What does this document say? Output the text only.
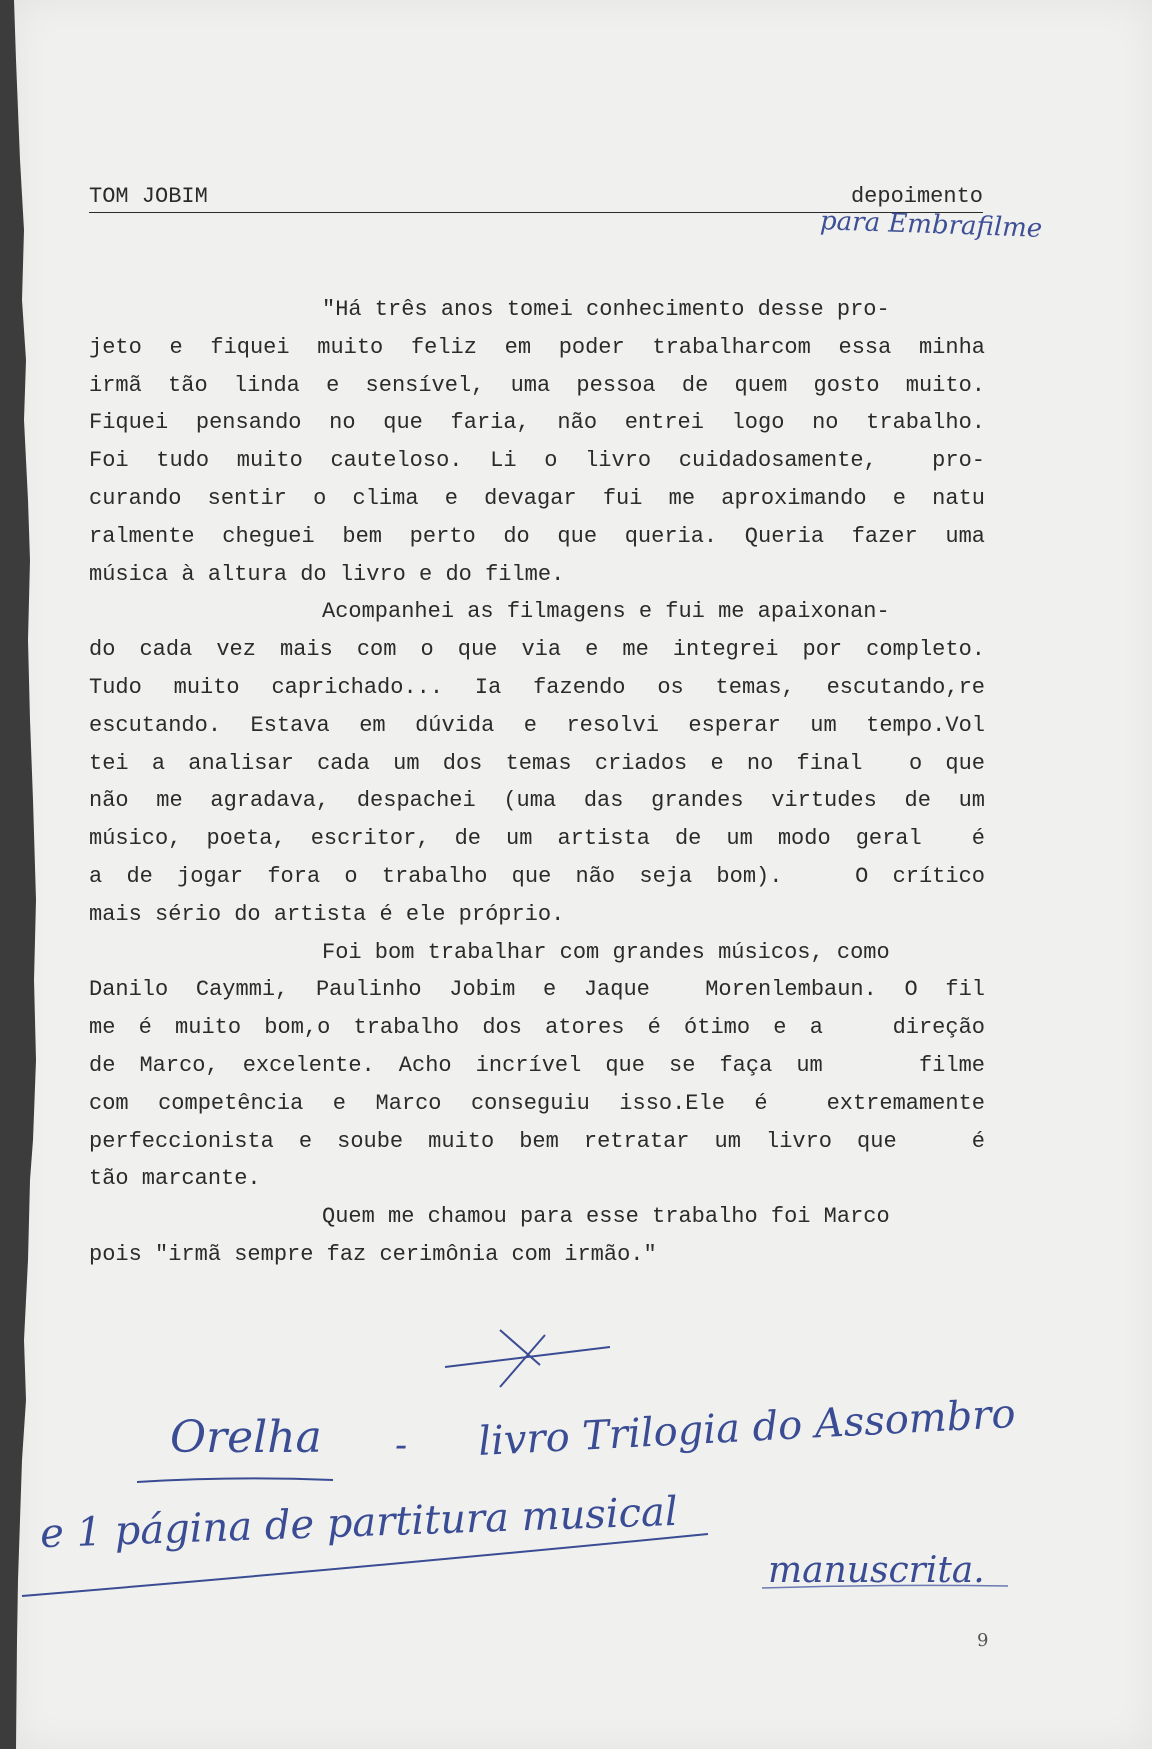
TOM JOBIM	depoimento
para Embrafilme
"Há três anos tomei conhecimento desse pro-
jeto e fiquei muito feliz em poder trabalharcom essa minha
irmã tão linda e sensível, uma pessoa de quem gosto muito.
Fiquei pensando no que faria, não entrei logo no trabalho.
Foi tudo muito cauteloso. Li o livro cuidadosamente,  pro-
curando sentir o clima e devagar fui me aproximando e natu
ralmente cheguei bem perto do que queria. Queria fazer uma
música à altura do livro e do filme.
Acompanhei as filmagens e fui me apaixonan-
do cada vez mais com o que via e me integrei por completo.
Tudo muito caprichado... Ia fazendo os temas, escutando,re
escutando. Estava em dúvida e resolvi esperar um tempo.Vol
tei a analisar cada um dos temas criados e no final  o que
não me agradava, despachei (uma das grandes virtudes de um
músico, poeta, escritor, de um artista de um modo geral  é
a de jogar fora o trabalho que não seja bom).   O crítico
mais sério do artista é ele próprio.
Foi bom trabalhar com grandes músicos, como
Danilo Caymmi, Paulinho Jobim e Jaque  Morenlembaun. O fil
me é muito bom,o trabalho dos atores é ótimo e a   direção
de Marco, excelente. Acho incrível que se faça um    filme
com competência e Marco conseguiu isso.Ele é  extremamente
perfeccionista e soube muito bem retratar um livro que   é
tão marcante.
Quem me chamou para esse trabalho foi Marco
pois "irmã sempre faz cerimônia com irmão."
Orelha - livro Trilogia do Assombro
e 1 página de partitura musical
manuscrita.
9
